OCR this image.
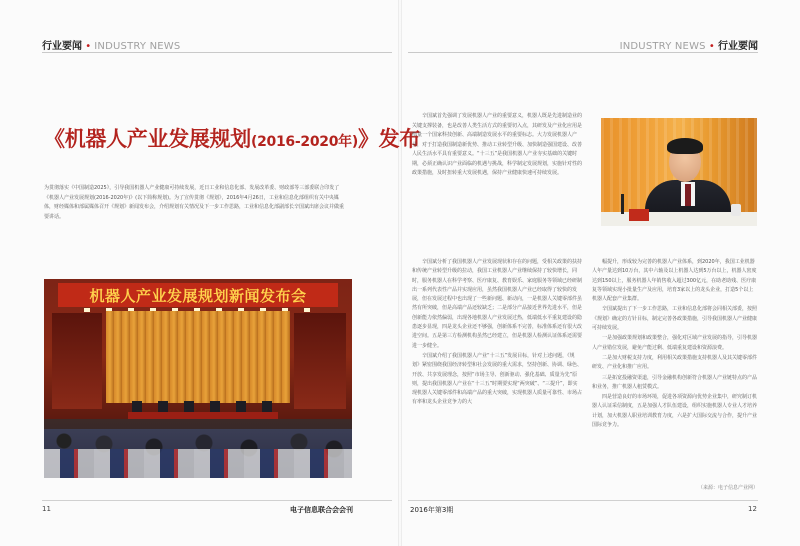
行业要闻 • INDUSTRY NEWS	INDUSTRY NEWS • 行业要闻
《机器人产业发展规划(2016-2020年)》发布
为贯彻落实《中国制造2025》，引导我国机器人产业健康可持续发展，近日工业和信息化部、发展改革委、财政部等三部委联合印发了《机器人产业发展规划(2016-2020年)》(以下简称规划)。为了宣传贯彻《规划》，2016年4月26日，工业和信息化部组织有关中央媒体，财经媒体和部属媒体召开《规划》新闻发布会，介绍规划有关情况及下一步工作思路，工业和信息化部副部长辛国斌出席会议并做重要讲话。
机器人产业发展规划新闻发布会

辛国斌首先强调了发展机器人产业的重要意义，机器人既是先进制造业的关键支撑装备，也是改善人类生活方式的重要切入点，其研发及产业化应用是衡量一个国家科技创新、高端制造发展水平的重要标志。大力发展机器人产业，对于打造我国制造新优势、推动工业转型升级、加快制造强国建设、改善人民生活水平具有重要意义。“十三五”是我国机器人产业夯实基础的关键时期，必须正确认识产业面临的机遇与挑战，科学制定发展规划，实施针对性的政策措施，及时扭转重大发展机遇，保持产业健康快速可持续发展。

辛国斌分析了我国机器人产业发展现状和存在的问题，受相关政策的扶持和传统产业转型升级的拉动，我国工业机器人产业继续保持了较快增长，同时，服务机器人在科学考察、医疗康复、教育娱乐、家庭服务等领域已经研制出一系列代表性产品并实现应用，虽然我国机器人产业已经取得了较快的发展，但在发展过程中也出现了一些新问题、新动向，一是机器人关键零部件虽然有所突破，但是高端产品还较缺乏；二是部分产品接近世界先进水平，但是创新能力依然偏弱，出现各地机器人产业发展过热，低端低水平重复建设的隐患逐步显现，四是龙头企业还不够强，创新体系不完善，标准体系还有很大改进空间。五是第三方检测机构虽然已经建立，但是机器人检测认证体系还需要进一步健全。

辛国斌介绍了我国机器人产业“十三五”发展目标，针对上述问题，《规划》紧密围绕我国经济转型和社会发展的重大需求，坚持创新、协调、绿色、开放、共享发展理念，按照“市场主导、创新驱动、强化基础、质量为先”原则，提出我国机器人产业在“十三五”时期要实现“两突破”、“三提升”，即实现机器人关键零部件和高端产品的重大突破，实现机器人质量可靠性、市场占有率和龙头企业竞争力的大

幅提升，形成较为完善的机器人产业体系，到2020年，我国工业机器人年产量达到10万台，其中六轴及以上机器人达到5万台以上，机器人密度达到150以上，服务机器人年销售收入超过300亿元，在助老助残、医疗康复等领域实现小批量生产及应用，培育3家以上的龙头企业，打造5个以上机器人配套产业集群。

辛国斌提出了下一步工作思路，工业和信息化部将会同相关部委，按照《规划》确定的方针目标，制定完善各政策措施，引导我国机器人产业健康可持续发展。

一是加强政策规划和政策整合，强化对区域产业发展的指导，引导机器人产业错位发展，避免产能过剩、低端重复建设和资源浪费。

二是加大财税支持力度，利用相关政策措施支持机器人及其关键零部件研发、产业化和推广应用。

三是拓宽投融资渠道，引导金融机构创新符合机器人产业链特点的产品和业务，推广机器人租赁模式。

四是营造良好的市场环境，促进各项资源向优势企业集中，研究制订机器人认证采信制度，五是加强人才队伍建设，组织实施机器人专业人才培养计划，加大机器人职业培训教育力度，六是扩大国际交流与合作，提升产业国际竞争力。

（来源：电子信息产业网）
11	电子信息联合会会刊	2016年第3期	12
